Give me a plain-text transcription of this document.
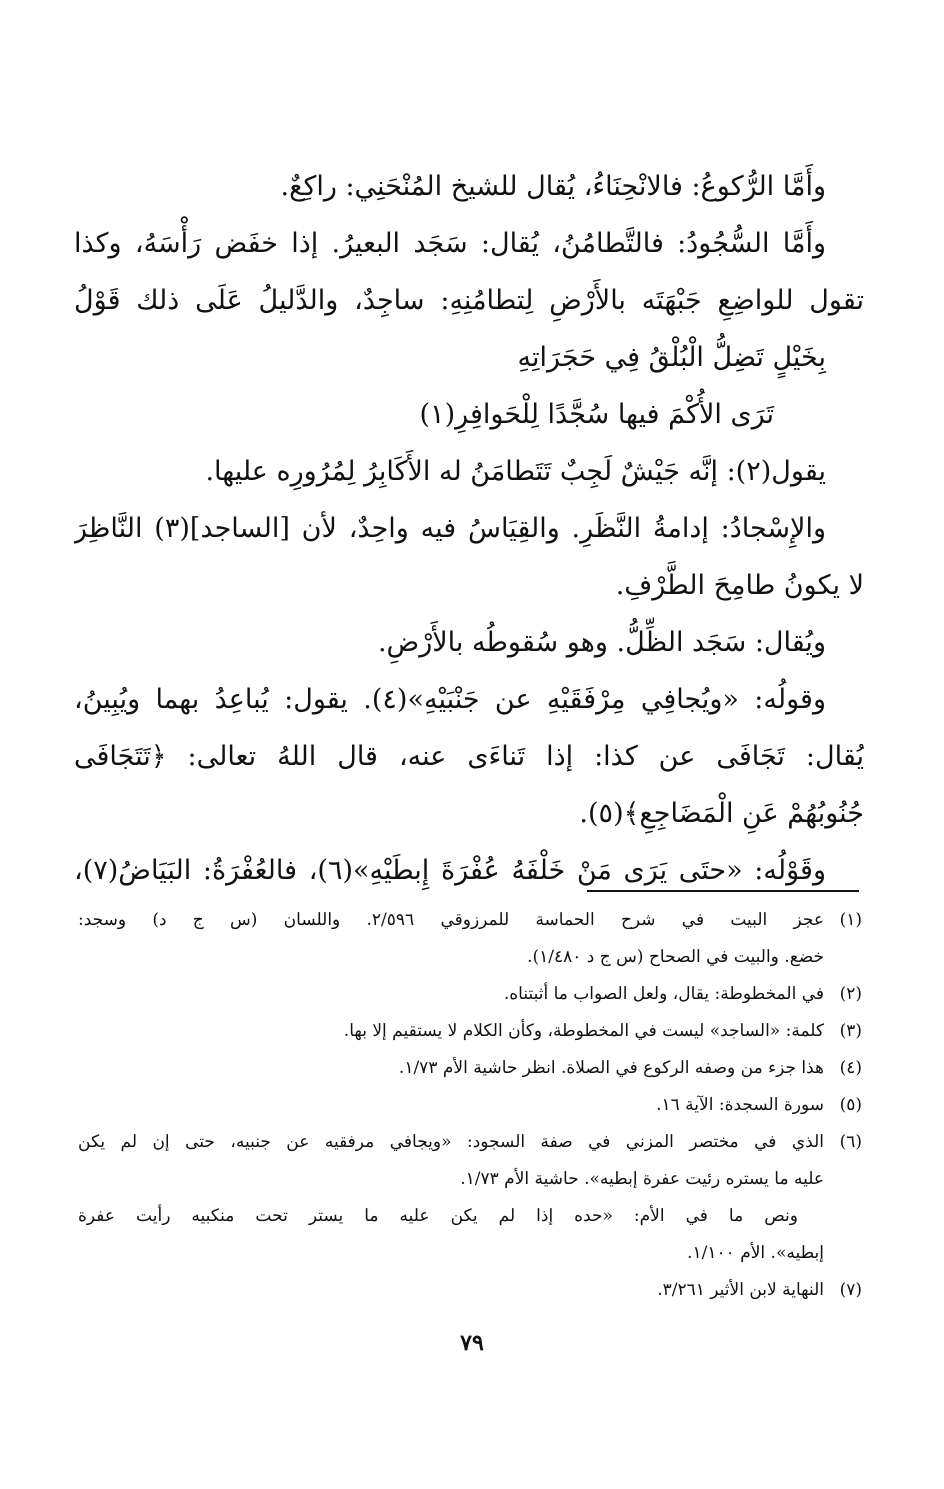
وأَمَّا الرُّكوعُ: فالانْحِنَاءُ، يُقال للشيخ المُنْحَنِي: راكِعٌ.
وأَمَّا السُّجُودُ: فالتَّطامُنُ، يُقال: سَجَد البعيرُ. إذا خفَض رَأْسَهُ، وكذا
تقول للواضِعِ جَبْهَتَه بالأَرْضِ لِتطامُنِهِ: ساجِدٌ، والدَّليلُ عَلَى ذلك قَوْلُ
بِخَيْلٍ تَضِلُّ الْبُلْقُ فِي حَجَرَاتِهِ
تَرَى الأُكْمَ فيها سُجَّدًا لِلْحَوافِرِ(١)
يقول(٢): إنَّه جَيْشٌ لَجِبٌ تَتَطامَنُ له الأَكَابِرُ لِمُرُورِه عليها.
والإِسْجادُ: إدامةُ النَّظَرِ. والقِيَاسُ فيه واحِدٌ، لأن [الساجد](٣) النَّاظِرَ
لا يكونُ طامِحَ الطَّرْفِ.
ويُقال: سَجَد الظِّلُّ. وهو سُقوطُه بالأَرْضِ.
وقولُه: «ويُجافِي مِرْفَقَيْهِ عن جَنْبَيْهِ»(٤). يقول: يُباعِدُ بهما ويُبِينُ،
يُقال: تَجَافَى عن كذا: إذا تَناءَى عنه، قال اللهُ تعالى: ﴿تَتَجَافَى
جُنُوبُهُمْ عَنِ الْمَضَاجِعِ﴾(٥).
وقَوْلُه: «حتَى يَرَى مَنْ خَلْفَهُ عُفْرَةَ إِبطَيْهِ»(٦)، فالعُفْرَةُ: البَيَاضُ(٧)،
(١)
عجز البيت في شرح الحماسة للمرزوقي ٢/٥٩٦. واللسان (س ج د) وسجد:
خضع. والبيت في الصحاح (س ج د ١/٤٨٠).
(٢)
في المخطوطة: يقال، ولعل الصواب ما أثبتناه.
(٣)
كلمة: «الساجد» ليست في المخطوطة، وكأن الكلام لا يستقيم إلا بها.
(٤)
هذا جزء من وصفه الركوع في الصلاة. انظر حاشية الأم ١/٧٣.
(٥)
سورة السجدة: الآية ١٦.
(٦)
الذي في مختصر المزني في صفة السجود: «ويجافي مرفقيه عن جنبيه، حتى إن لم يكن
عليه ما يستره رئيت عفرة إبطيه». حاشية الأم ١/٧٣.
ونص ما في الأم: «حده إذا لم يكن عليه ما يستر تحت منكبيه رأيت عفرة
إبطيه». الأم ١/١٠٠.
(٧)
النهاية لابن الأثير ٣/٢٦١.
٧٩
